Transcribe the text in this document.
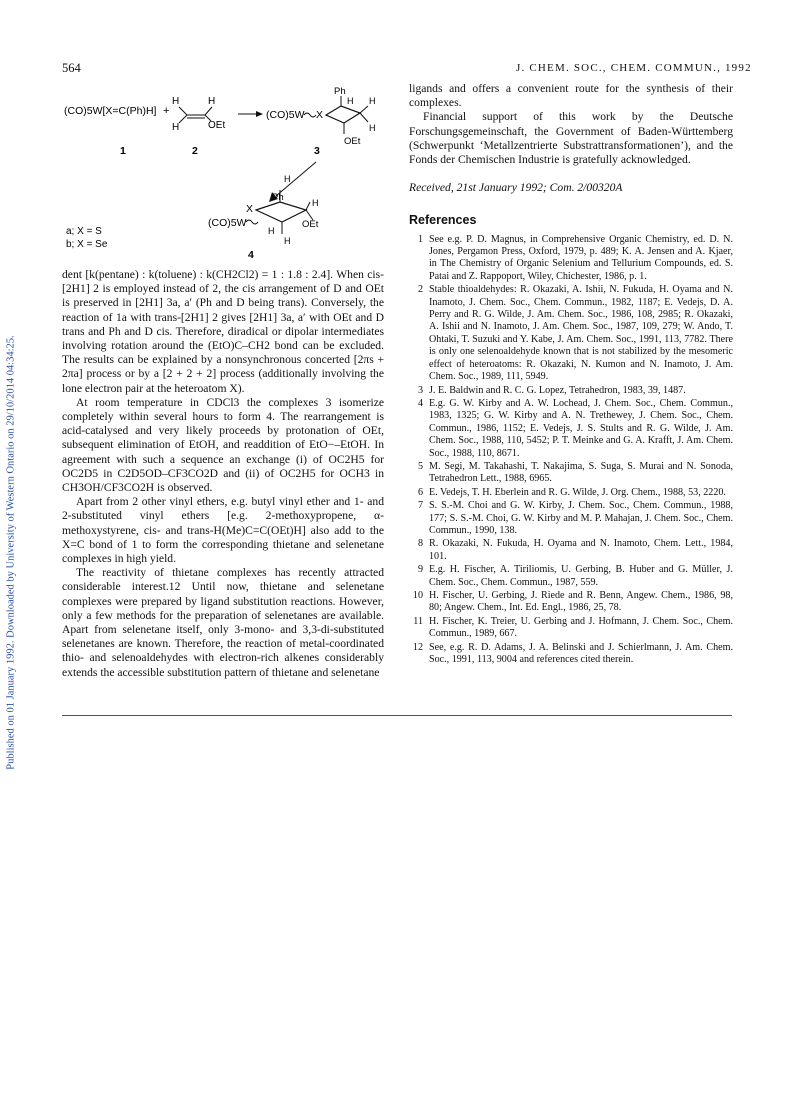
Published on 01 January 1992. Downloaded by University of Western Ontario on 29/10/2014 04:34:25.
564	J. CHEM. SOC., CHEM. COMMUN., 1992
(CO)5W[X=C(Ph)H] +
H	H
H	OEt
(CO)5W X
Ph
OEt
H H
H
1	2	3
(CO)5W
X
H
Ph	H
OEt
H
H
4
a; X = S
b; X = Se

dent [k(pentane) : k(toluene) : k(CH2Cl2) = 1 : 1.8 : 2.4]. When cis-[2H1] 2 is employed instead of 2, the cis arrangement of D and OEt is preserved in [2H1] 3a, a′ (Ph and D being trans). Conversely, the reaction of 1a with trans-[2H1] 2 gives [2H1] 3a, a′ with OEt and D trans and Ph and D cis. Therefore, diradical or dipolar intermediates involving rotation around the (EtO)C–CH2 bond can be excluded. The results can be explained by a nonsynchronous concerted [2πs + 2πa] process or by a [2 + 2 + 2] process (additionally involving the lone electron pair at the heteroatom X).

At room temperature in CDCl3 the complexes 3 isomerize completely within several hours to form 4. The rearrangement is acid-catalysed and very likely proceeds by protonation of OEt, subsequent elimination of EtOH, and readdition of EtO−–EtOH. In agreement with such a sequence an exchange (i) of OC2H5 for OC2D5 in C2D5OD–CF3CO2D and (ii) of OC2H5 for OCH3 in CH3OH/CF3CO2H is observed.

Apart from 2 other vinyl ethers, e.g. butyl vinyl ether and 1- and 2-substituted vinyl ethers [e.g. 2-methoxypropene, α-methoxystyrene, cis- and trans-H(Me)C=C(OEt)H] also add to the X=C bond of 1 to form the corresponding thietane and selenetane complexes in high yield.

The reactivity of thietane complexes has recently attracted considerable interest.12 Until now, thietane and selenetane complexes were prepared by ligand substitution reactions. However, only a few methods for the preparation of selenetanes are available. Apart from selenetane itself, only 3-mono- and 3,3-di-substituted selenetanes are known. Therefore, the reaction of metal-coordinated thio- and selenoaldehydes with electron-rich alkenes considerably extends the accessible substitution pattern of thietane and selenetane

ligands and offers a convenient route for the synthesis of their complexes.

Financial support of this work by the Deutsche Forschungsgemeinschaft, the Government of Baden-Württemberg (Schwerpunkt ‘Metallzentrierte Substrattransformationen’), and the Fonds der Chemischen Industrie is gratefully acknowledged.

Received, 21st January 1992; Com. 2/00320A

References

1 See e.g. P. D. Magnus, in Comprehensive Organic Chemistry, ed. D. N. Jones, Pergamon Press, Oxford, 1979, p. 489; K. A. Jensen and A. Kjaer, in The Chemistry of Organic Selenium and Tellurium Compounds, ed. S. Patai and Z. Rappoport, Wiley, Chichester, 1986, p. 1.
2 Stable thioaldehydes: R. Okazaki, A. Ishii, N. Fukuda, H. Oyama and N. Inamoto, J. Chem. Soc., Chem. Commun., 1982, 1187; E. Vedejs, D. A. Perry and R. G. Wilde, J. Am. Chem. Soc., 1986, 108, 2985; R. Okazaki, A. Ishii and N. Inamoto, J. Am. Chem. Soc., 1987, 109, 279; W. Ando, T. Ohtaki, T. Suzuki and Y. Kabe, J. Am. Chem. Soc., 1991, 113, 7782. There is only one selenoaldehyde known that is not stabilized by the mesomeric effect of heteroatoms: R. Okazaki, N. Kumon and N. Inamoto, J. Am. Chem. Soc., 1989, 111, 5949.
3 J. E. Baldwin and R. C. G. Lopez, Tetrahedron, 1983, 39, 1487.
4 E.g. G. W. Kirby and A. W. Lochead, J. Chem. Soc., Chem. Commun., 1983, 1325; G. W. Kirby and A. N. Trethewey, J. Chem. Soc., Chem. Commun., 1986, 1152; E. Vedejs, J. S. Stults and R. G. Wilde, J. Am. Chem. Soc., 1988, 110, 5452; P. T. Meinke and G. A. Krafft, J. Am. Chem. Soc., 1988, 110, 8671.
5 M. Segi, M. Takahashi, T. Nakajima, S. Suga, S. Murai and N. Sonoda, Tetrahedron Lett., 1988, 6965.
6 E. Vedejs, T. H. Eberlein and R. G. Wilde, J. Org. Chem., 1988, 53, 2220.
7 S. S.-M. Choi and G. W. Kirby, J. Chem. Soc., Chem. Commun., 1988, 177; S. S.-M. Choi, G. W. Kirby and M. P. Mahajan, J. Chem. Soc., Chem. Commun., 1990, 138.
8 R. Okazaki, N. Fukuda, H. Oyama and N. Inamoto, Chem. Lett., 1984, 101.
9 E.g. H. Fischer, A. Tiriliomis, U. Gerbing, B. Huber and G. Müller, J. Chem. Soc., Chem. Commun., 1987, 559.
10 H. Fischer, U. Gerbing, J. Riede and R. Benn, Angew. Chem., 1986, 98, 80; Angew. Chem., Int. Ed. Engl., 1986, 25, 78.
11 H. Fischer, K. Treier, U. Gerbing and J. Hofmann, J. Chem. Soc., Chem. Commun., 1989, 667.
12 See, e.g. R. D. Adams, J. A. Belinski and J. Schierlmann, J. Am. Chem. Soc., 1991, 113, 9004 and references cited therein.
